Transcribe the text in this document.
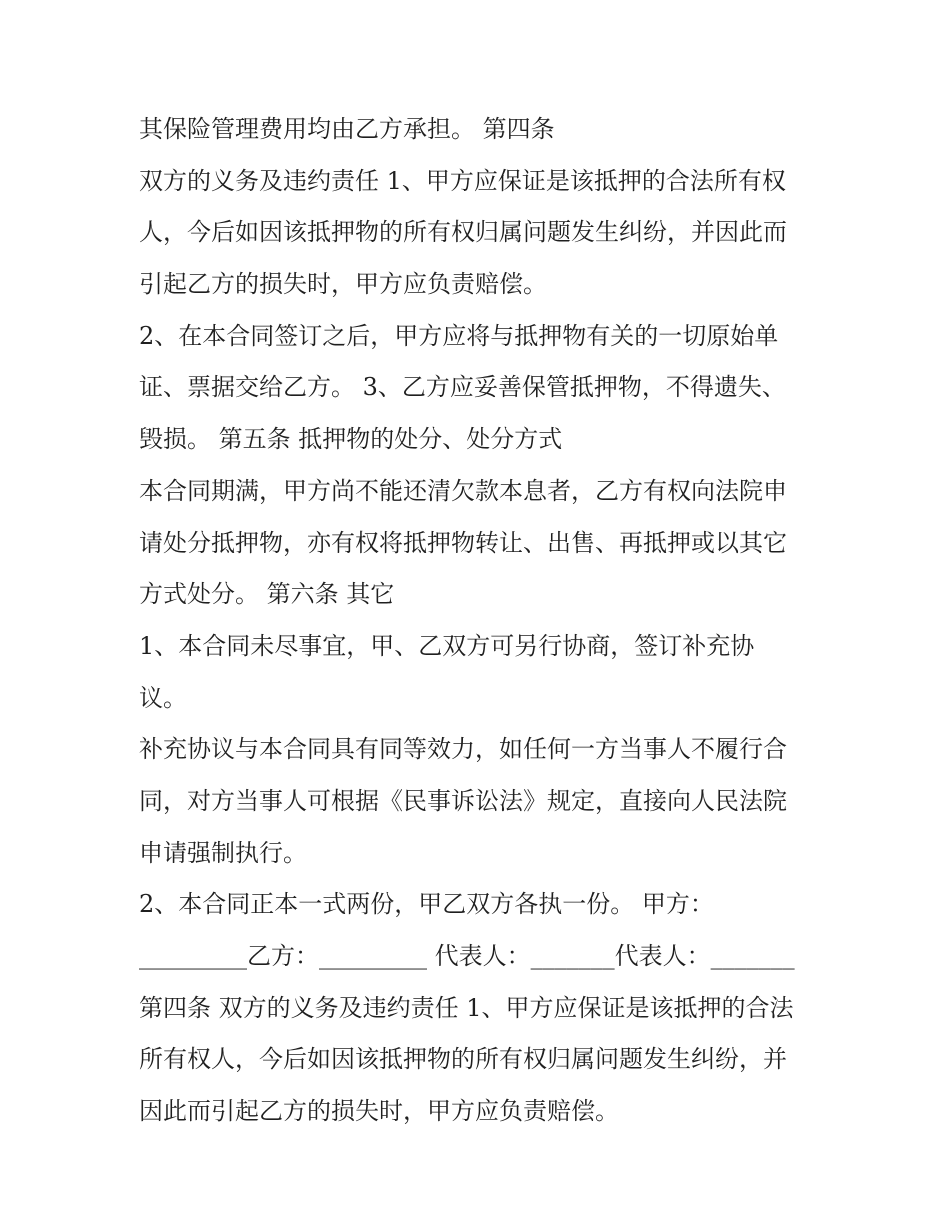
其保险管理费用均由乙方承担。 第四条
双方的义务及违约责任 1、甲方应保证是该抵押的合法所有权
人，今后如因该抵押物的所有权归属问题发生纠纷，并因此而
引起乙方的损失时，甲方应负责赔偿。
2、在本合同签订之后，甲方应将与抵押物有关的一切原始单
证、票据交给乙方。 3、乙方应妥善保管抵押物，不得遗失、
毁损。 第五条 抵押物的处分、处分方式
本合同期满，甲方尚不能还清欠款本息者，乙方有权向法院申
请处分抵押物，亦有权将抵押物转让、出售、再抵押或以其它
方式处分。 第六条 其它
1、本合同未尽事宜，甲、乙双方可另行协商，签订补充协
议。
补充协议与本合同具有同等效力，如任何一方当事人不履行合
同，对方当事人可根据《民事诉讼法》规定，直接向人民法院
申请强制执行。
2、本合同正本一式两份，甲乙双方各执一份。 甲方：
_________乙方：_________ 代表人：_______代表人：_______
第四条 双方的义务及违约责任 1、甲方应保证是该抵押的合法
所有权人，今后如因该抵押物的所有权归属问题发生纠纷，并
因此而引起乙方的损失时，甲方应负责赔偿。
